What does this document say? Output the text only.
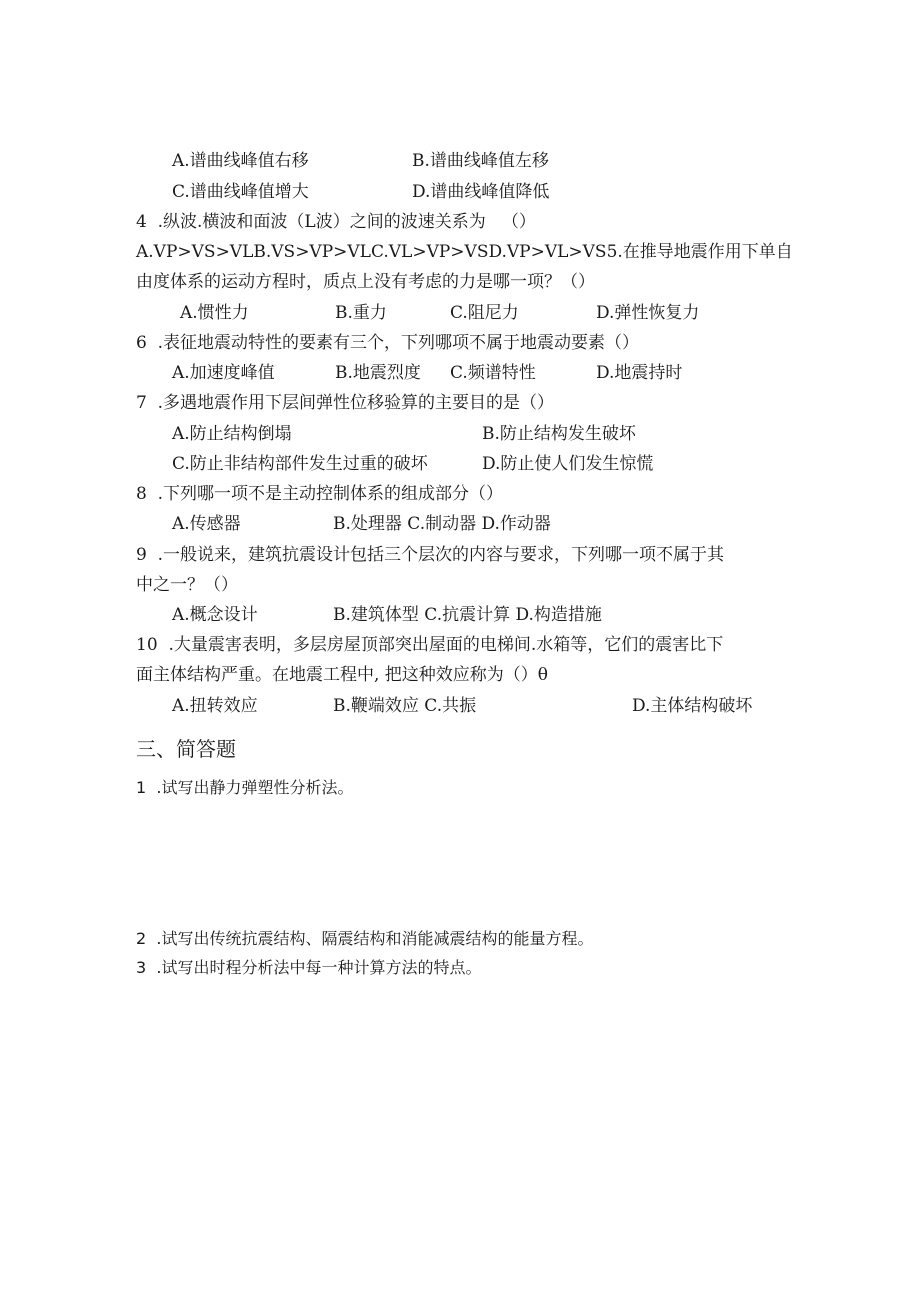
A.谱曲线峰值右移	B.谱曲线峰值左移
C.谱曲线峰值增大	D.谱曲线峰值降低
4  .纵波.横波和面波（L波）之间的波速关系为   （）
A.VP>VS>VLB.VS>VP>VLC.VL>VP>VSD.VP>VL>VS5.在推导地震作用下单自
由度体系的运动方程时，质点上没有考虑的力是哪一项？（）
A.惯性力	B.重力	C.阻尼力	D.弹性恢复力
6  .表征地震动特性的要素有三个，下列哪项不属于地震动要素（）
A.加速度峰值	B.地震烈度 C.频谱特性	D.地震持时
7  .多遇地震作用下层间弹性位移验算的主要目的是（）
A.防止结构倒塌	B.防止结构发生破坏
C.防止非结构部件发生过重的破坏	D.防止使人们发生惊慌
8  .下列哪一项不是主动控制体系的组成部分（）
A.传感器	B.处理器 C.制动器 D.作动器
9  .一般说来，建筑抗震设计包括三个层次的内容与要求，下列哪一项不属于其
中之一？（）
A.概念设计	B.建筑体型 C.抗震计算 D.构造措施
10  .大量震害表明，多层房屋顶部突出屋面的电梯间.水箱等，它们的震害比下
面主体结构严重。在地震工程中, 把这种效应称为（）θ
A.扭转效应	B.鞭端效应 C.共振	D.主体结构破坏
三、简答题
1  .试写出静力弹塑性分析法。
2  .试写出传统抗震结构、隔震结构和消能减震结构的能量方程。
3  .试写出时程分析法中每一种计算方法的特点。
